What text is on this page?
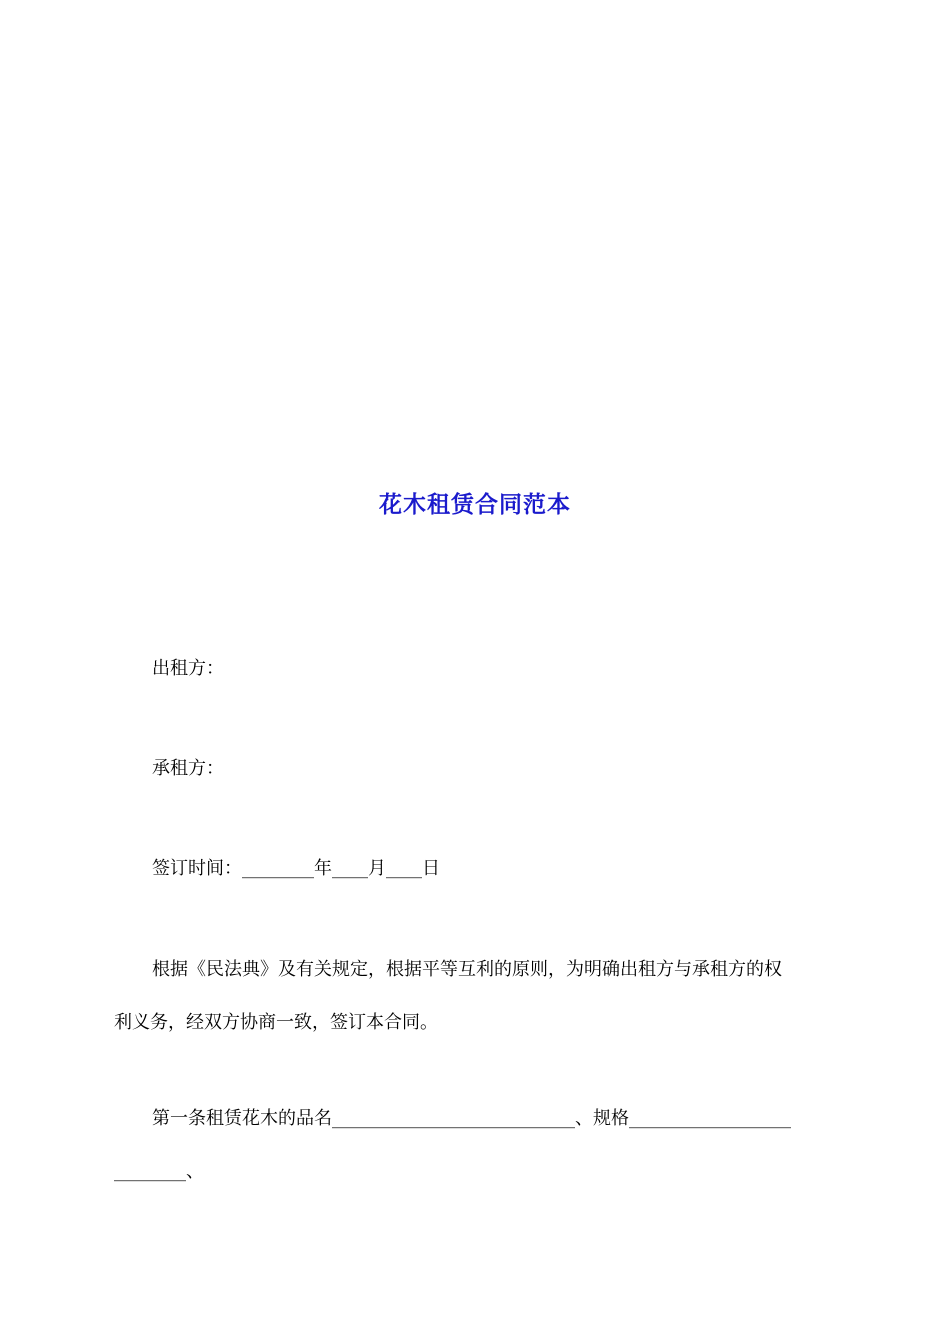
花木租赁合同范本
出租方：
承租方：
签订时间：________年____月____日
根据《民法典》及有关规定，根据平等互利的原则，为明确出租方与承租方的权
利义务，经双方协商一致，签订本合同。
第一条租赁花木的品名___________________________、规格__________________
________、
